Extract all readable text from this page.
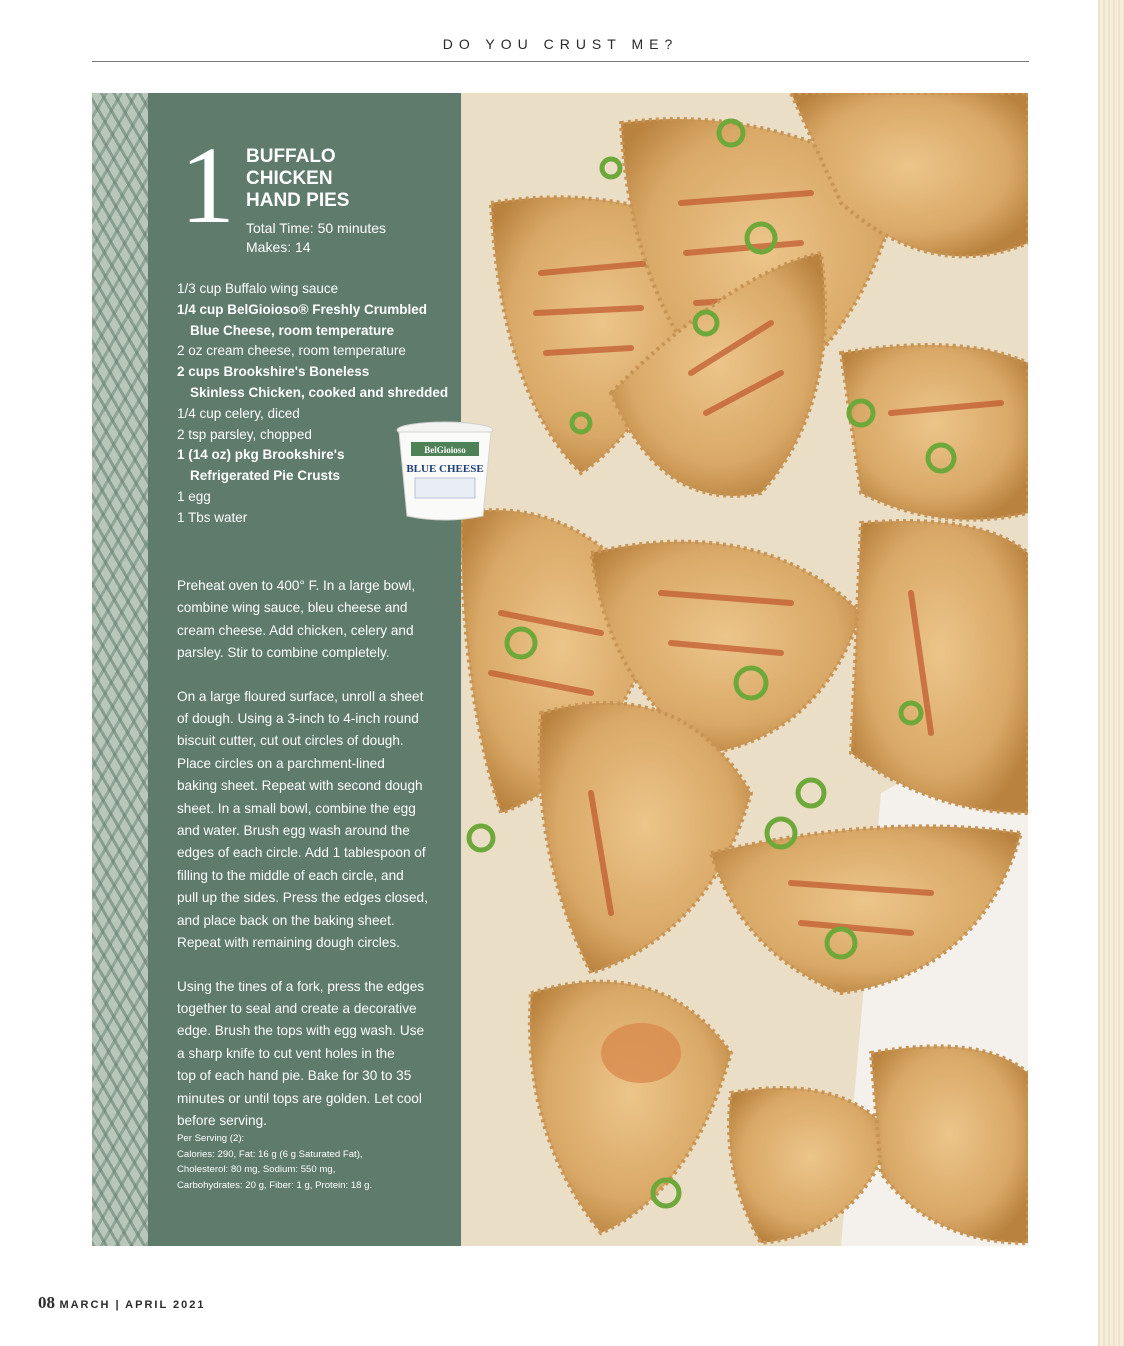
DO YOU CRUST ME?
1 BUFFALO
CHICKEN
HAND PIES
Total Time: 50 minutes
Makes: 14
1/3 cup Buffalo wing sauce
1/4 cup BelGioioso® Freshly Crumbled
Blue Cheese, room temperature
2 oz cream cheese, room temperature
2 cups Brookshire's Boneless
Skinless Chicken, cooked and shredded
1/4 cup celery, diced
2 tsp parsley, chopped
1 (14 oz) pkg Brookshire's
Refrigerated Pie Crusts
1 egg
1 Tbs water
BelGioioso
BLUE CHEESE
Preheat oven to 400° F. In a large bowl,
combine wing sauce, bleu cheese and
cream cheese. Add chicken, celery and
parsley. Stir to combine completely.
On a large floured surface, unroll a sheet
of dough. Using a 3-inch to 4-inch round
biscuit cutter, cut out circles of dough.
Place circles on a parchment-lined
baking sheet. Repeat with second dough
sheet. In a small bowl, combine the egg
and water. Brush egg wash around the
edges of each circle. Add 1 tablespoon of
filling to the middle of each circle, and
pull up the sides. Press the edges closed,
and place back on the baking sheet.
Repeat with remaining dough circles.
Using the tines of a fork, press the edges
together to seal and create a decorative
edge. Brush the tops with egg wash. Use
a sharp knife to cut vent holes in the
top of each hand pie. Bake for 30 to 35
minutes or until tops are golden. Let cool
before serving.
Per Serving (2):
Calories: 290, Fat: 16 g (6 g Saturated Fat),
Cholesterol: 80 mg, Sodium: 550 mg,
Carbohydrates: 20 g, Fiber: 1 g, Protein: 18 g.
08 MARCH | APRIL 2021
